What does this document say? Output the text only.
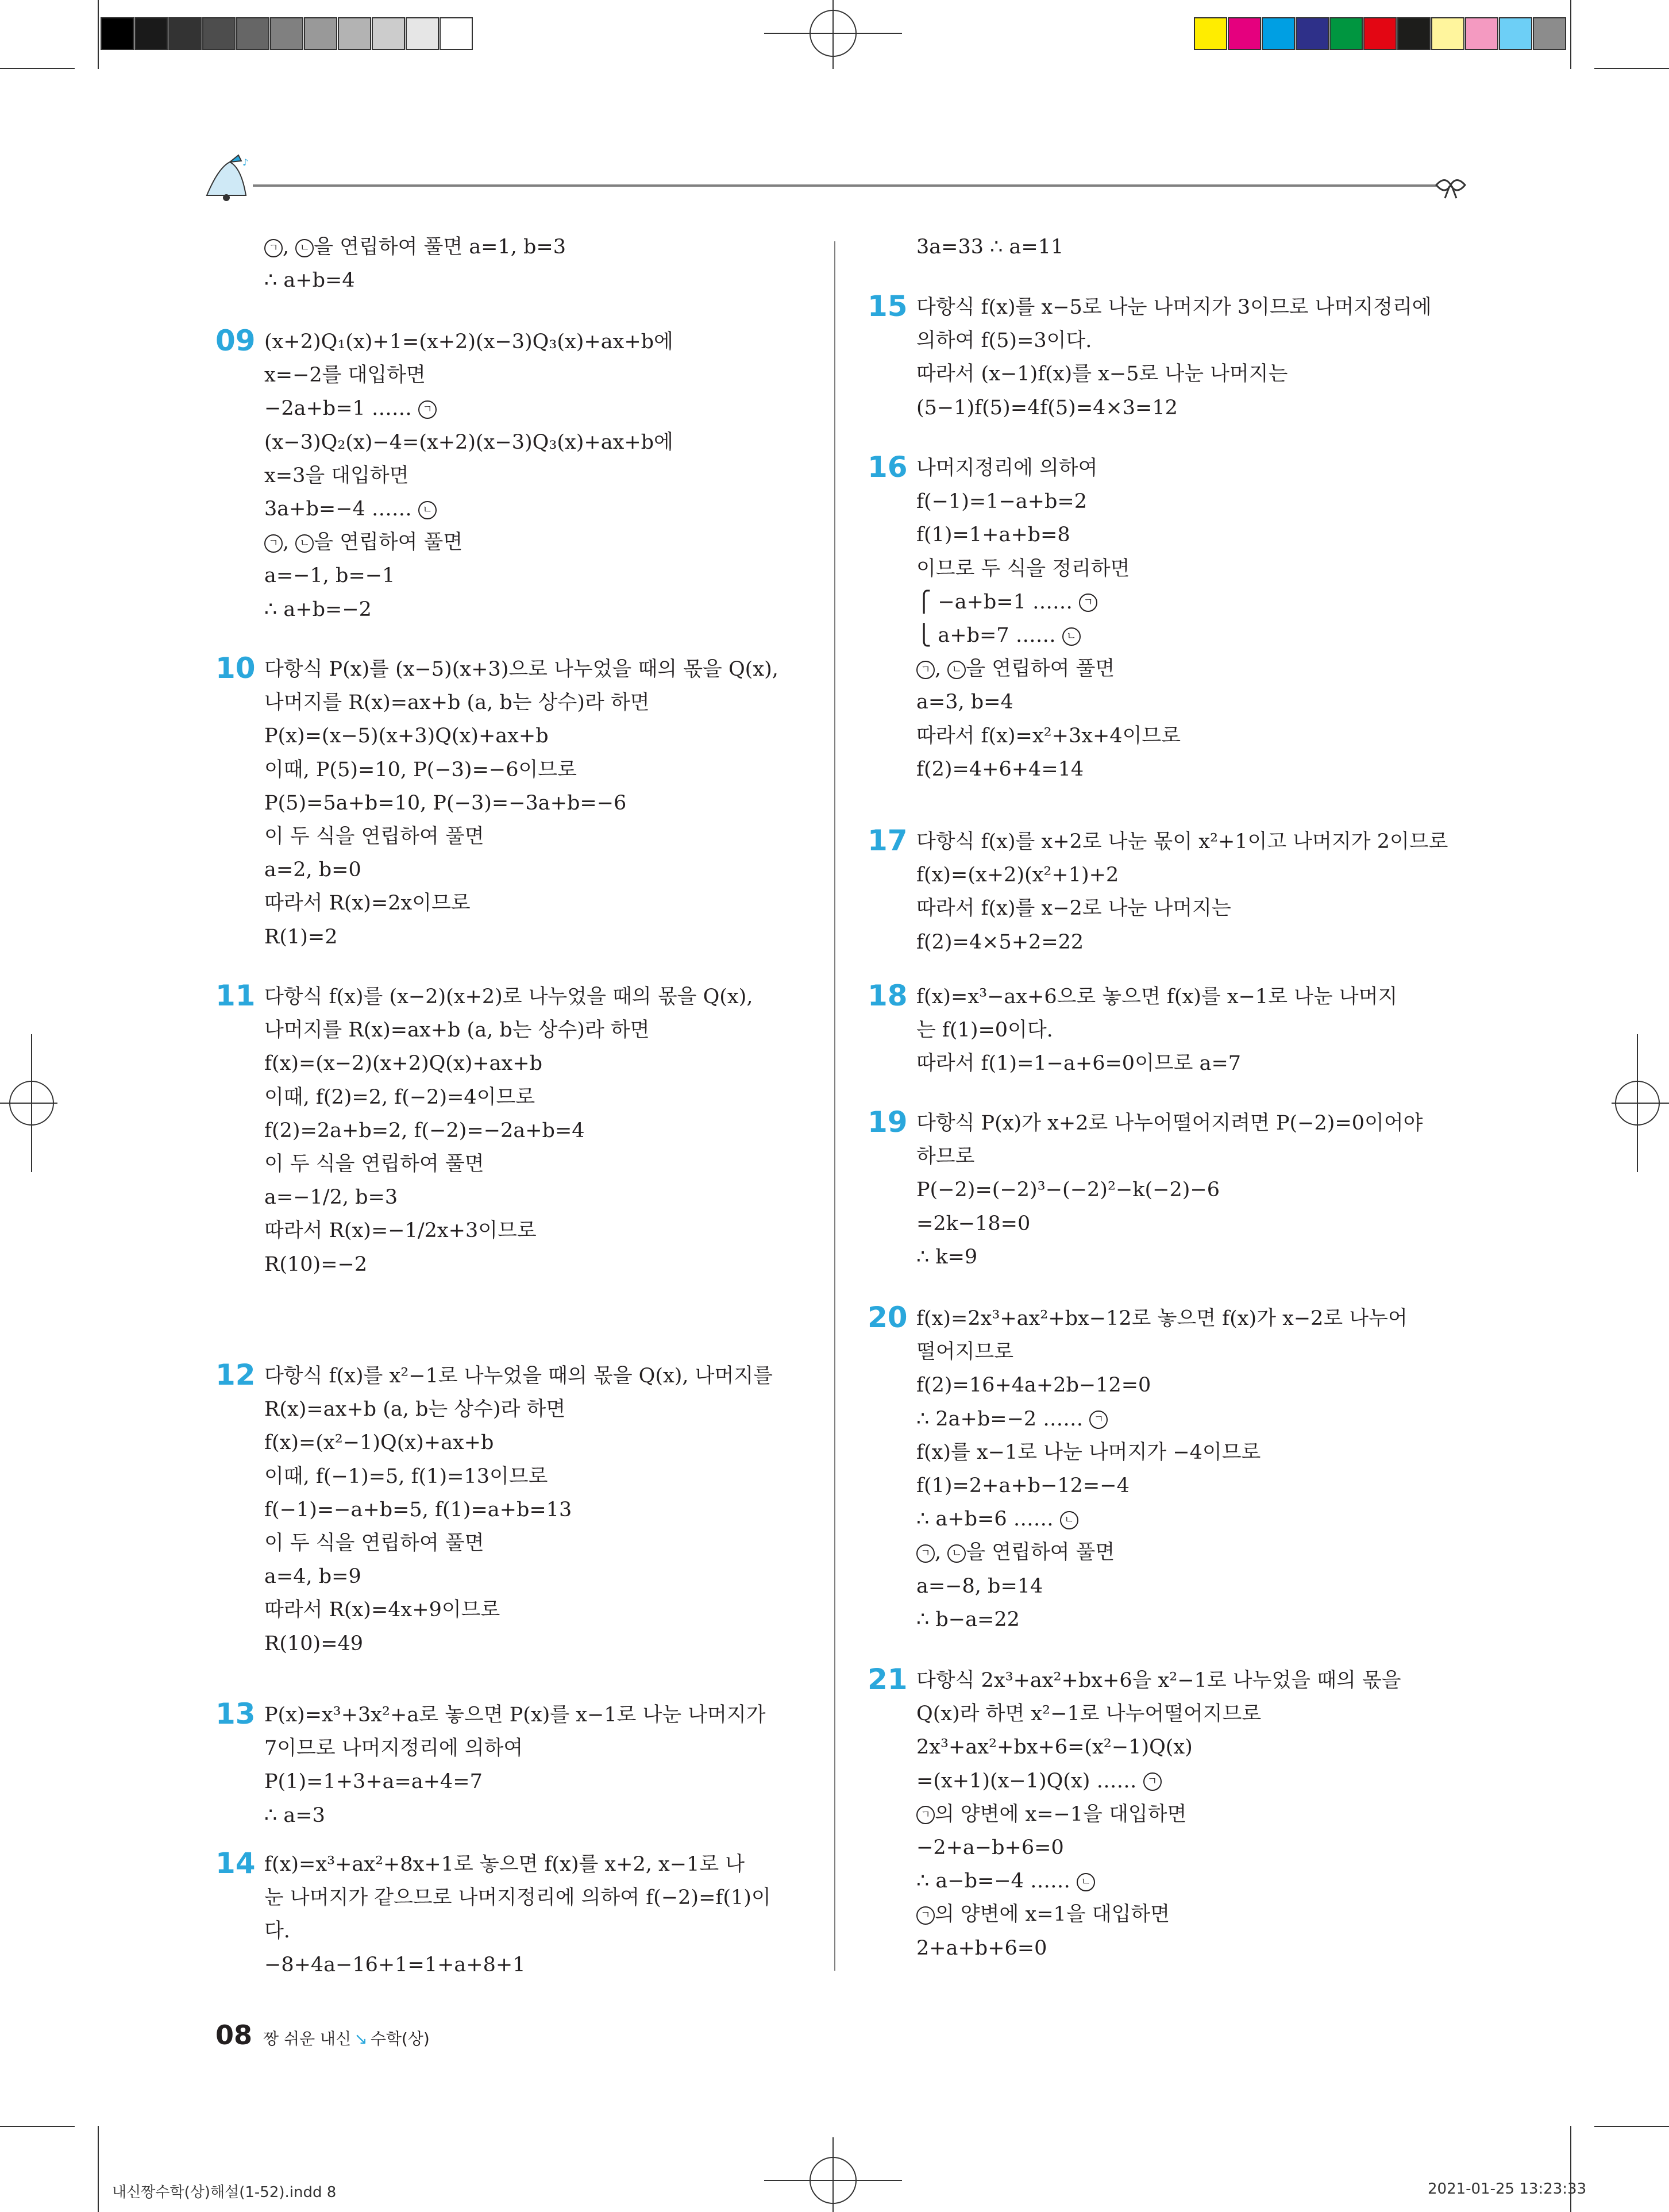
♪
ㄱ , ㄴ 을 연립하여 풀면 a=1, b=3
∴ a+b=4
09 (x+2)Q₁(x)+1=(x+2)(x−3)Q₃(x)+ax+b에
x=−2를 대입하면
−2a+b=1 …… ㄱ
(x−3)Q₂(x)−4=(x+2)(x−3)Q₃(x)+ax+b에
x=3을 대입하면
3a+b=−4 …… ㄴ
ㄱ , ㄴ 을 연립하여 풀면
a=−1, b=−1
∴ a+b=−2
10 다항식 P(x)를 (x−5)(x+3)으로 나누었을 때의 몫을 Q(x),
나머지를 R(x)=ax+b (a, b는 상수)라 하면
P(x)=(x−5)(x+3)Q(x)+ax+b
이때, P(5)=10, P(−3)=−6이므로
P(5)=5a+b=10, P(−3)=−3a+b=−6
이 두 식을 연립하여 풀면
a=2, b=0
따라서 R(x)=2x이므로
R(1)=2
11 다항식 f(x)를 (x−2)(x+2)로 나누었을 때의 몫을 Q(x),
나머지를 R(x)=ax+b (a, b는 상수)라 하면
f(x)=(x−2)(x+2)Q(x)+ax+b
이때, f(2)=2, f(−2)=4이므로
f(2)=2a+b=2, f(−2)=−2a+b=4
이 두 식을 연립하여 풀면
a=−1/2, b=3
따라서 R(x)=−1/2x+3이므로
R(10)=−2
12 다항식 f(x)를 x²−1로 나누었을 때의 몫을 Q(x), 나머지를
R(x)=ax+b (a, b는 상수)라 하면
f(x)=(x²−1)Q(x)+ax+b
이때, f(−1)=5, f(1)=13이므로
f(−1)=−a+b=5, f(1)=a+b=13
이 두 식을 연립하여 풀면
a=4, b=9
따라서 R(x)=4x+9이므로
R(10)=49
13 P(x)=x³+3x²+a로 놓으면 P(x)를 x−1로 나눈 나머지가
7이므로 나머지정리에 의하여
P(1)=1+3+a=a+4=7
∴ a=3
14 f(x)=x³+ax²+8x+1로 놓으면 f(x)를 x+2, x−1로 나
눈 나머지가 같으므로 나머지정리에 의하여 f(−2)=f(1)이
다.
−8+4a−16+1=1+a+8+1
3a=33 ∴ a=11
15 다항식 f(x)를 x−5로 나눈 나머지가 3이므로 나머지정리에
의하여 f(5)=3이다.
따라서 (x−1)f(x)를 x−5로 나눈 나머지는
(5−1)f(5)=4f(5)=4×3=12
16 나머지정리에 의하여
f(−1)=1−a+b=2
f(1)=1+a+b=8
이므로 두 식을 정리하면
⎧ −a+b=1 …… ㄱ
⎩ a+b=7 …… ㄴ
ㄱ , ㄴ 을 연립하여 풀면
a=3, b=4
따라서 f(x)=x²+3x+4이므로
f(2)=4+6+4=14
17 다항식 f(x)를 x+2로 나눈 몫이 x²+1이고 나머지가 2이므로
f(x)=(x+2)(x²+1)+2
따라서 f(x)를 x−2로 나눈 나머지는
f(2)=4×5+2=22
18 f(x)=x³−ax+6으로 놓으면 f(x)를 x−1로 나눈 나머지
는 f(1)=0이다.
따라서 f(1)=1−a+6=0이므로 a=7
19 다항식 P(x)가 x+2로 나누어떨어지려면 P(−2)=0이어야
하므로
P(−2)=(−2)³−(−2)²−k(−2)−6
=2k−18=0
∴ k=9
20 f(x)=2x³+ax²+bx−12로 놓으면 f(x)가 x−2로 나누어
떨어지므로
f(2)=16+4a+2b−12=0
∴ 2a+b=−2 …… ㄱ
f(x)를 x−1로 나눈 나머지가 −4이므로
f(1)=2+a+b−12=−4
∴ a+b=6 …… ㄴ
ㄱ , ㄴ 을 연립하여 풀면
a=−8, b=14
∴ b−a=22
21 다항식 2x³+ax²+bx+6을 x²−1로 나누었을 때의 몫을
Q(x)라 하면 x²−1로 나누어떨어지므로
2x³+ax²+bx+6=(x²−1)Q(x)
=(x+1)(x−1)Q(x) …… ㄱ
ㄱ 의 양변에 x=−1을 대입하면
−2+a−b+6=0
∴ a−b=−4 …… ㄴ
ㄱ 의 양변에 x=1을 대입하면
2+a+b+6=0
08 짱 쉬운 내신 ↘ 수학(상)
내신짱수학(상)해설(1-52).indd 8	2021-01-25 13:23:33
